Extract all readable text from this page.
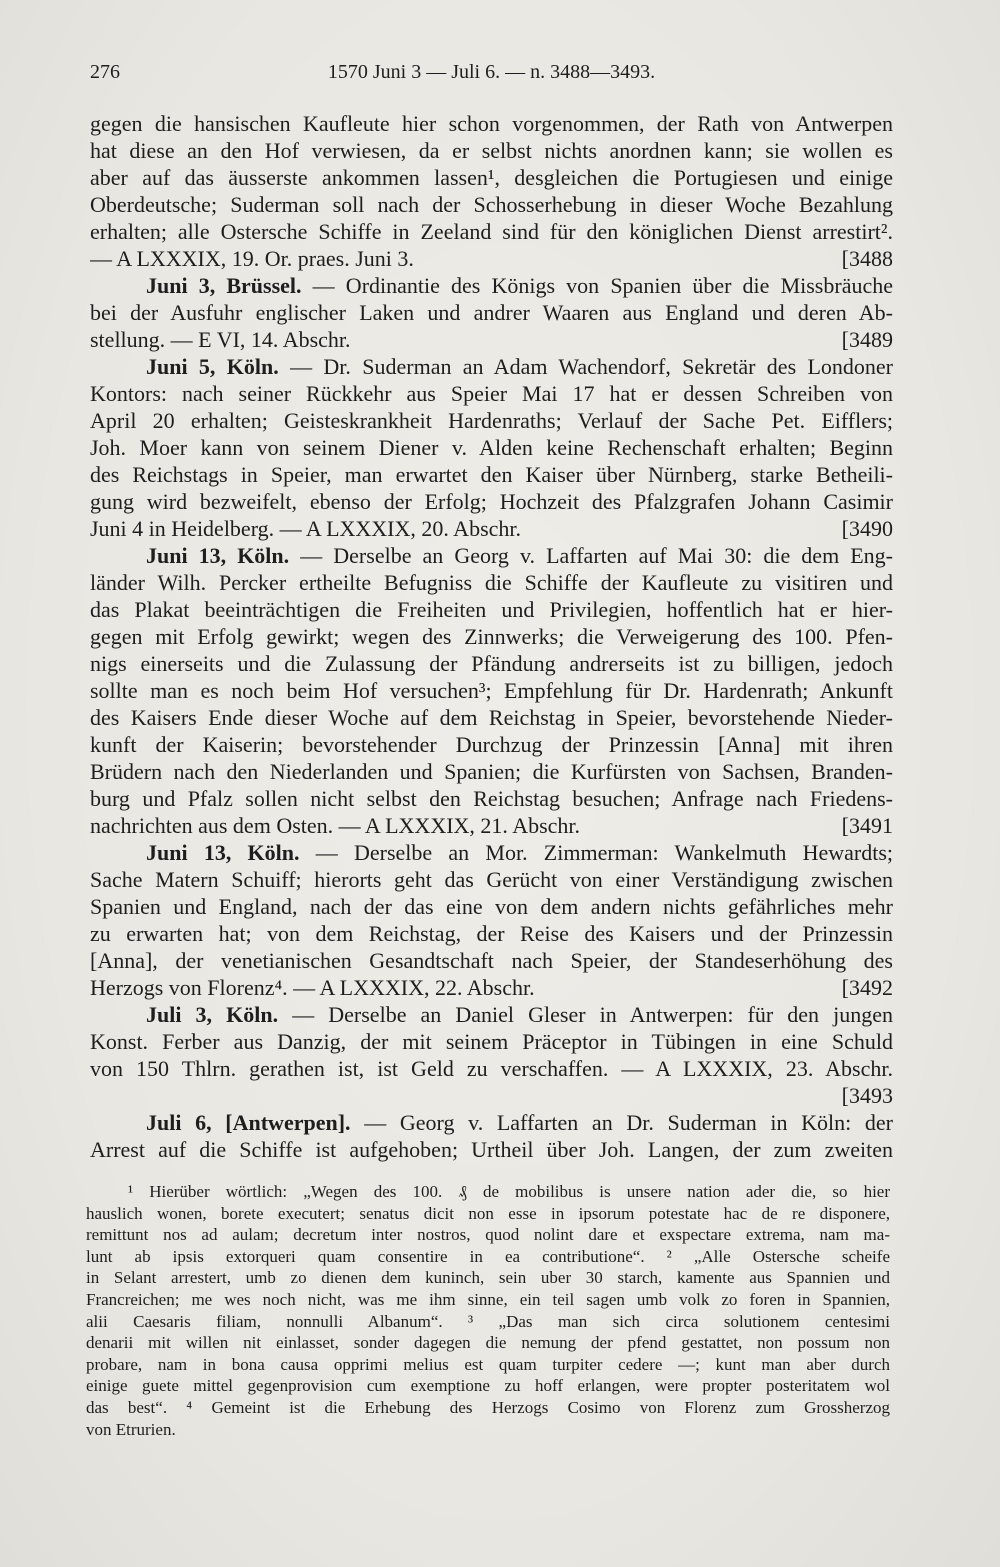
276	1570 Juni 3 — Juli 6. — n. 3488—3493.
gegen die hansischen Kaufleute hier schon vorgenommen, der Rath von Antwerpen
hat diese an den Hof verwiesen, da er selbst nichts anordnen kann; sie wollen es
aber auf das äusserste ankommen lassen¹, desgleichen die Portugiesen und einige
Oberdeutsche; Suderman soll nach der Schosserhebung in dieser Woche Bezahlung
erhalten; alle Ostersche Schiffe in Zeeland sind für den königlichen Dienst arrestirt².
— A LXXXIX, 19. Or. praes. Juni 3.	[3488
Juni 3, Brüssel. — Ordinantie des Königs von Spanien über die Missbräuche
bei der Ausfuhr englischer Laken und andrer Waaren aus England und deren Ab-
stellung. — E VI, 14. Abschr.	[3489
Juni 5, Köln. — Dr. Suderman an Adam Wachendorf, Sekretär des Londoner
Kontors: nach seiner Rückkehr aus Speier Mai 17 hat er dessen Schreiben von
April 20 erhalten; Geisteskrankheit Hardenraths; Verlauf der Sache Pet. Eifflers;
Joh. Moer kann von seinem Diener v. Alden keine Rechenschaft erhalten; Beginn
des Reichstags in Speier, man erwartet den Kaiser über Nürnberg, starke Betheili-
gung wird bezweifelt, ebenso der Erfolg; Hochzeit des Pfalzgrafen Johann Casimir
Juni 4 in Heidelberg. — A LXXXIX, 20. Abschr.	[3490
Juni 13, Köln. — Derselbe an Georg v. Laffarten auf Mai 30: die dem Eng-
länder Wilh. Percker ertheilte Befugniss die Schiffe der Kaufleute zu visitiren und
das Plakat beeinträchtigen die Freiheiten und Privilegien, hoffentlich hat er hier-
gegen mit Erfolg gewirkt; wegen des Zinnwerks; die Verweigerung des 100. Pfen-
nigs einerseits und die Zulassung der Pfändung andrerseits ist zu billigen, jedoch
sollte man es noch beim Hof versuchen³; Empfehlung für Dr. Hardenrath; Ankunft
des Kaisers Ende dieser Woche auf dem Reichstag in Speier, bevorstehende Nieder-
kunft der Kaiserin; bevorstehender Durchzug der Prinzessin [Anna] mit ihren
Brüdern nach den Niederlanden und Spanien; die Kurfürsten von Sachsen, Branden-
burg und Pfalz sollen nicht selbst den Reichstag besuchen; Anfrage nach Friedens-
nachrichten aus dem Osten. — A LXXXIX, 21. Abschr.	[3491
Juni 13, Köln. — Derselbe an Mor. Zimmerman: Wankelmuth Hewardts;
Sache Matern Schuiff; hierorts geht das Gerücht von einer Verständigung zwischen
Spanien und England, nach der das eine von dem andern nichts gefährliches mehr
zu erwarten hat; von dem Reichstag, der Reise des Kaisers und der Prinzessin
[Anna], der venetianischen Gesandtschaft nach Speier, der Standeserhöhung des
Herzogs von Florenz⁴. — A LXXXIX, 22. Abschr.	[3492
Juli 3, Köln. — Derselbe an Daniel Gleser in Antwerpen: für den jungen
Konst. Ferber aus Danzig, der mit seinem Präceptor in Tübingen in eine Schuld
von 150 Thlrn. gerathen ist, ist Geld zu verschaffen. — A LXXXIX, 23. Abschr.
[3493
Juli 6, [Antwerpen]. — Georg v. Laffarten an Dr. Suderman in Köln: der
Arrest auf die Schiffe ist aufgehoben; Urtheil über Joh. Langen, der zum zweiten
¹ Hierüber wörtlich: „Wegen des 100. ₰ de mobilibus is unsere nation ader die, so hier
hauslich wonen, borete executert; senatus dicit non esse in ipsorum potestate hac de re disponere,
remittunt nos ad aulam; decretum inter nostros, quod nolint dare et exspectare extrema, nam ma-
lunt ab ipsis extorqueri quam consentire in ea contributione“. ² „Alle Ostersche scheife
in Selant arrestert, umb zo dienen dem kuninch, sein uber 30 starch, kamente aus Spannien und
Francreichen; me wes noch nicht, was me ihm sinne, ein teil sagen umb volk zo foren in Spannien,
alii Caesaris filiam, nonnulli Albanum“. ³ „Das man sich circa solutionem centesimi
denarii mit willen nit einlasset, sonder dagegen die nemung der pfend gestattet, non possum non
probare, nam in bona causa opprimi melius est quam turpiter cedere —; kunt man aber durch
einige guete mittel gegenprovision cum exemptione zu hoff erlangen, were propter posteritatem wol
das best“. ⁴ Gemeint ist die Erhebung des Herzogs Cosimo von Florenz zum Grossherzog
von Etrurien.
